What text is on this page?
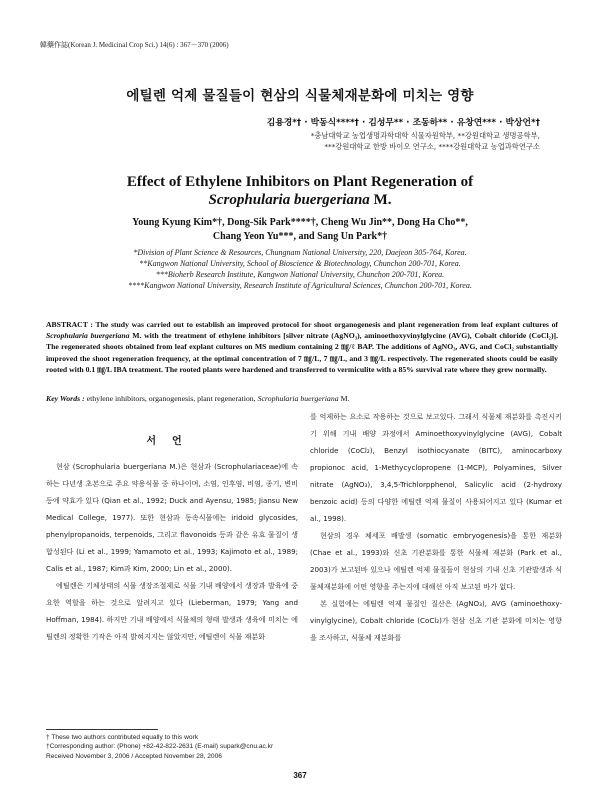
韓藥作誌(Korean J. Medicinal Crop Sci.) 14(6) : 367－370 (2006)
에틸렌 억제 물질들이 현삼의 식물체재분화에 미치는 영향
김용경*† · 박동식****† · 김성무** · 조동하** · 유창연*** · 박상언*†
*충남대학교 농업생명과학대학 식물자원학부, **강원대학교 생명공학부,
***강원대학교 한방 바이오 연구소, ****강원대학교 농업과학연구소
Effect of Ethylene Inhibitors on Plant Regeneration of
Scrophularia buergeriana M.
Young Kyung Kim*†, Dong-Sik Park****†, Cheng Wu Jin**, Dong Ha Cho**,
Chang Yeon Yu***, and Sang Un Park*†
*Division of Plant Science & Resources, Chungnam National University, 220, Daejeon 305-764, Korea.
**Kangwon National University, School of Bioscience & Biotechnology, Chunchon 200-701, Korea.
***Bioherb Research Institute, Kangwon National University, Chunchon 200-701, Korea.
****Kangwon National University, Research Institute of Agricultural Sciences, Chunchon 200-701, Korea.
ABSTRACT : The study was carried out to establish an improved protocol for shoot organogenesis and plant regeneration from leaf explant cultures of Scrophularia buergeriana M. with the treatment of ethylene inhibitors [silver nitrate (AgNO₃), aminoethoxyvinylglycine (AVG), Cobalt chloride (CoCl₂)]. The regenerated shoots obtained from leaf explant cultures on MS medium containing 2 ㎎/ℓ BAP. The additions of AgNO₃, AVG, and CoCl₂ substantially improved the shoot regeneration frequency, at the optimal concentration of 7 ㎎/L, 7 ㎎/L, and 3 ㎎/L respectively. The regenerated shoots could be easily rooted with 0.1 ㎎/L IBA treatment. The rooted plants were hardened and transferred to vermiculite with a 85% survival rate where they grew normally.
Key Words : ethylene inhibitors, organogenesis, plant regeneration, Scrophularia buergeriana M.
서언

현삼 (Scrophularia buergeriana M.)은 현삼과 (Scrophulariaceae)에 속하는 다년생 초본으로 주요 약용식물 중 하나이며, 소염, 인후염, 비염, 종기, 변비 등에 약효가 있다 (Qian et al., 1992; Duck and Ayensu, 1985; Jiansu New Medical College, 1977). 또한 현삼과 동속식물에는 iridoid glycosides, phenylpropanoids, terpenoids, 그리고 flavonoids 등과 같은 유효 물질이 생합성된다 (Li et al., 1999; Yamamoto et al., 1993; Kajimoto et al., 1989; Calis et al., 1987; Kim과 Kim, 2000; Lin et al., 2000).

에틸렌은 기체상태의 식물 생장조절제로 식물 기내 배양에서 생장과 발육에 중요한 역할을 하는 것으로 알려지고 있다 (Lieberman, 1979; Yang and Hoffman, 1984). 하지만 기내 배양에서 식물체의 형태 발생과 생육에 미치는 에틸렌의 정확한 기작은 아직 밝혀지지는 않았지만, 에틸렌이 식물 재분화

를 억제하는 요소로 작용하는 것으로 보고있다. 그래서 식물체 재분화를 촉진시키기 위해 기내 배양 과정에서 Aminoethoxyvinylglycine (AVG), Cobalt chloride (CoCl₂), Benzyl isothiocyanate (BITC), aminocarboxy propionoc acid, 1-Methycyclopropene (1-MCP), Polyamines, Silver nitrate (AgNO₃), 3,4,5-Trichlorpphenol, Salicylic acid (2-hydroxy benzoic acid) 등의 다양한 에틸렌 억제 물질이 사용되어지고 있다 (Kumar et al., 1998).

현삼의 경우 체세포 배발생 (somatic embryogenesis)을 통한 재분화 (Chae et al., 1993)와 신초 기관분화를 통한 식물체 재분화 (Park et al., 2003)가 보고된바 있으나 에틸렌 억제 물질들이 현삼의 기내 신초 기관발생과 식물체재분화에 어떤 영향을 주는지에 대해선 아직 보고된 바가 없다.

본 실험에는 에틸렌 억제 물질인 질산은 (AgNO₃), AVG (aminoethoxy-vinylglycine), Cobalt chloride (CoCl₂)가 현삼 신초 기관 분화에 미치는 영향을 조사하고, 식물체 재분화를

† These two authors contributed equally to this work
†Corresponding author: (Phone) +82-42-822-2631 (E-mail) supark@cnu.ac.kr
Received November 3, 2006 / Accepted November 28, 2006
367
